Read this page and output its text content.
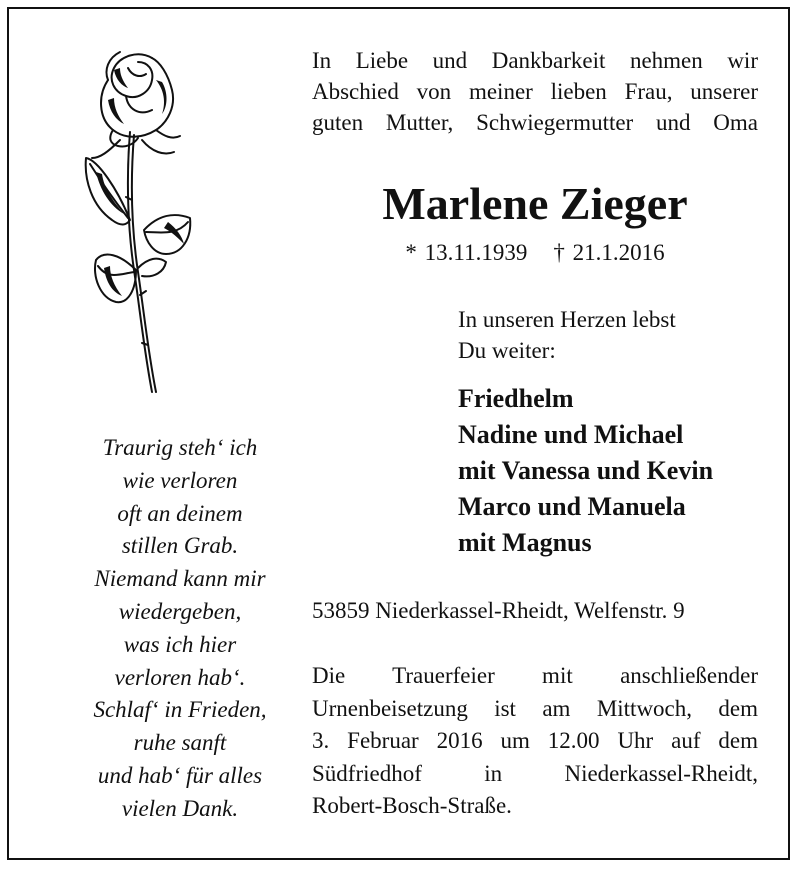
Traurig steh‘ ich
wie verloren
oft an deinem
stillen Grab.
Niemand kann mir
wiedergeben,
was ich hier
verloren hab‘.
Schlaf‘ in Frieden,
ruhe sanft
und hab‘ für alles
vielen Dank.
In Liebe und Dankbarkeit nehmen wir
Abschied von meiner lieben Frau, unserer
guten Mutter, Schwiegermutter und Oma
Marlene Zieger
* 13.11.1939 † 21.1.2016
In unseren Herzen lebst
Du weiter:
Friedhelm
Nadine und Michael
mit Vanessa und Kevin
Marco und Manuela
mit Magnus
53859 Niederkassel-Rheidt, Welfenstr. 9
Die Trauerfeier mit anschließender
Urnenbeisetzung ist am Mittwoch, dem
3. Februar 2016 um 12.00 Uhr auf dem
Südfriedhof in Niederkassel-Rheidt,
Robert-Bosch-Straße.
